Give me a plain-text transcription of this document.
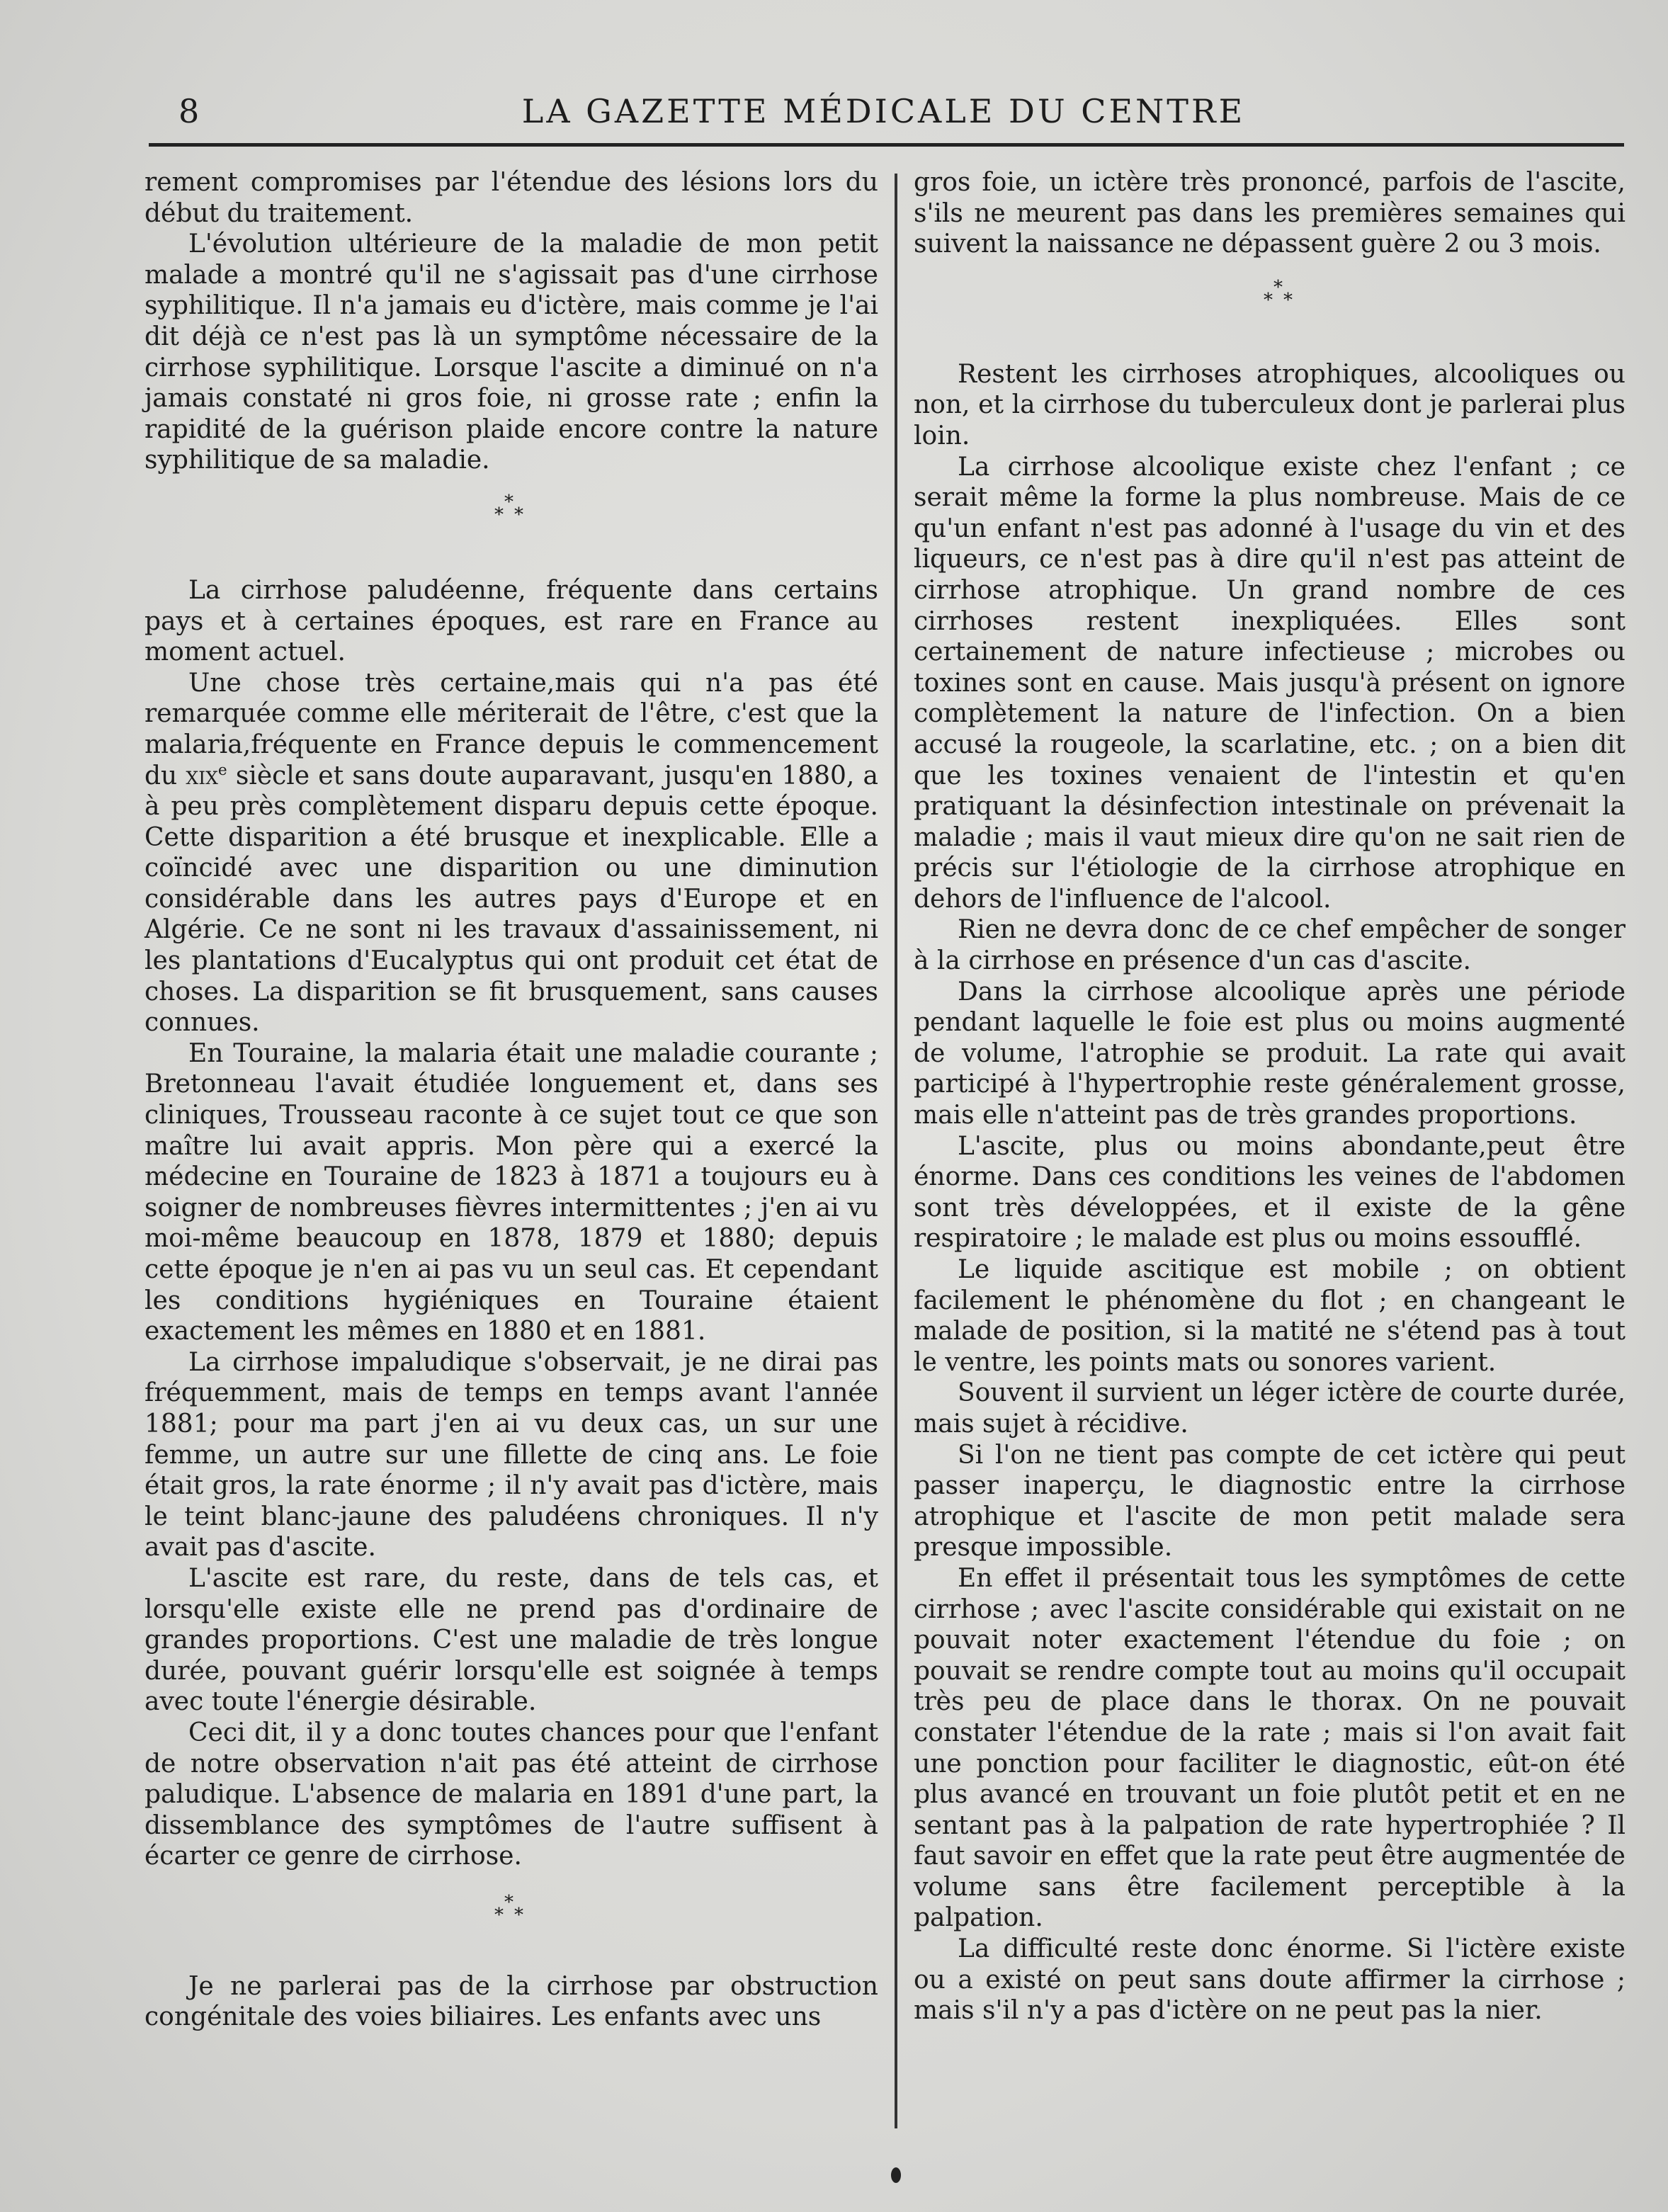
8	LA GAZETTE MÉDICALE DU CENTRE

rement compromises par l'étendue des lésions lors du début du traitement.

L'évolution ultérieure de la maladie de mon petit malade a montré qu'il ne s'agissait pas d'une cirrhose syphilitique. Il n'a jamais eu d'ictère, mais comme je l'ai dit déjà ce n'est pas là un symptôme nécessaire de la cirrhose syphilitique. Lorsque l'ascite a diminué on n'a jamais constaté ni gros foie, ni grosse rate ; enfin la rapidité de la guérison plaide encore contre la nature syphilitique de sa maladie.

*
* *

La cirrhose paludéenne, fréquente dans certains pays et à certaines époques, est rare en France au moment actuel.

Une chose très certaine,mais qui n'a pas été remarquée comme elle mériterait de l'être, c'est que la malaria,fréquente en France depuis le commencement du xix$^e$ siècle et sans doute auparavant, jusqu'en 1880, a à peu près complètement disparu depuis cette époque. Cette disparition a été brusque et inexplicable. Elle a coïncidé avec une disparition ou une diminution considérable dans les autres pays d'Europe et en Algérie. Ce ne sont ni les travaux d'assainissement, ni les plantations d'Eucalyptus qui ont produit cet état de choses. La disparition se fit brusquement, sans causes connues.

En Touraine, la malaria était une maladie courante ; Bretonneau l'avait étudiée longuement et, dans ses cliniques, Trousseau raconte à ce sujet tout ce que son maître lui avait appris. Mon père qui a exercé la médecine en Touraine de 1823 à 1871 a toujours eu à soigner de nombreuses fièvres intermittentes ; j'en ai vu moi-même beaucoup en 1878, 1879 et 1880; depuis cette époque je n'en ai pas vu un seul cas. Et cependant les conditions hygiéniques en Touraine étaient exactement les mêmes en 1880 et en 1881.

La cirrhose impaludique s'observait, je ne dirai pas fréquemment, mais de temps en temps avant l'année 1881; pour ma part j'en ai vu deux cas, un sur une femme, un autre sur une fillette de cinq ans. Le foie était gros, la rate énorme ; il n'y avait pas d'ictère, mais le teint blanc-jaune des paludéens chroniques. Il n'y avait pas d'ascite.

L'ascite est rare, du reste, dans de tels cas, et lorsqu'elle existe elle ne prend pas d'ordinaire de grandes proportions. C'est une maladie de très longue durée, pouvant guérir lorsqu'elle est soignée à temps avec toute l'énergie désirable.

Ceci dit, il y a donc toutes chances pour que l'enfant de notre observation n'ait pas été atteint de cirrhose paludique. L'absence de malaria en 1891 d'une part, la dissemblance des symptômes de l'autre suffisent à écarter ce genre de cirrhose.

*
* *

Je ne parlerai pas de la cirrhose par obstruction congénitale des voies biliaires. Les enfants avec uns

gros foie, un ictère très prononcé, parfois de l'ascite, s'ils ne meurent pas dans les premières semaines qui suivent la naissance ne dépassent guère 2 ou 3 mois.

*
* *

Restent les cirrhoses atrophiques, alcooliques ou non, et la cirrhose du tuberculeux dont je parlerai plus loin.

La cirrhose alcoolique existe chez l'enfant ; ce serait même la forme la plus nombreuse. Mais de ce qu'un enfant n'est pas adonné à l'usage du vin et des liqueurs, ce n'est pas à dire qu'il n'est pas atteint de cirrhose atrophique. Un grand nombre de ces cirrhoses restent inexpliquées. Elles sont certainement de nature infectieuse ; microbes ou toxines sont en cause. Mais jusqu'à présent on ignore complètement la nature de l'infection. On a bien accusé la rougeole, la scarlatine, etc. ; on a bien dit que les toxines venaient de l'intestin et qu'en pratiquant la désinfection intestinale on prévenait la maladie ; mais il vaut mieux dire qu'on ne sait rien de précis sur l'étiologie de la cirrhose atrophique en dehors de l'influence de l'alcool.

Rien ne devra donc de ce chef empêcher de songer à la cirrhose en présence d'un cas d'ascite.

Dans la cirrhose alcoolique après une période pendant laquelle le foie est plus ou moins augmenté de volume, l'atrophie se produit. La rate qui avait participé à l'hypertrophie reste généralement grosse, mais elle n'atteint pas de très grandes proportions.

L'ascite, plus ou moins abondante,peut être énorme. Dans ces conditions les veines de l'abdomen sont très développées, et il existe de la gêne respiratoire ; le malade est plus ou moins essoufflé.

Le liquide ascitique est mobile ; on obtient facilement le phénomène du flot ; en changeant le malade de position, si la matité ne s'étend pas à tout le ventre, les points mats ou sonores varient.

Souvent il survient un léger ictère de courte durée, mais sujet à récidive.

Si l'on ne tient pas compte de cet ictère qui peut passer inaperçu, le diagnostic entre la cirrhose atrophique et l'ascite de mon petit malade sera presque impossible.

En effet il présentait tous les symptômes de cette cirrhose ; avec l'ascite considérable qui existait on ne pouvait noter exactement l'étendue du foie ; on pouvait se rendre compte tout au moins qu'il occupait très peu de place dans le thorax. On ne pouvait constater l'étendue de la rate ; mais si l'on avait fait une ponction pour faciliter le diagnostic, eût-on été plus avancé en trouvant un foie plutôt petit et en ne sentant pas à la palpation de rate hypertrophiée ? Il faut savoir en effet que la rate peut être augmentée de volume sans être facilement perceptible à la palpation.

La difficulté reste donc énorme. Si l'ictère existe ou a existé on peut sans doute affirmer la cirrhose ; mais s'il n'y a pas d'ictère on ne peut pas la nier.
